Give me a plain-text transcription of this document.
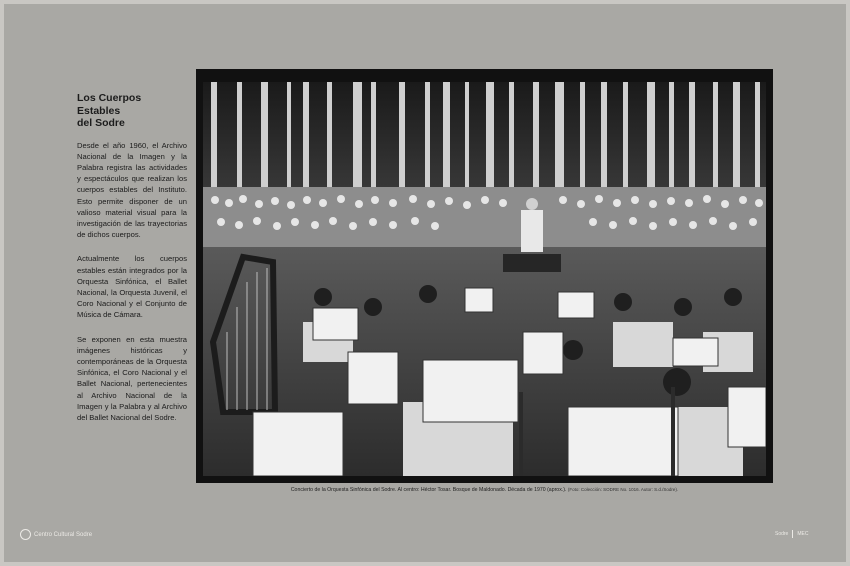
Los Cuerpos Estables
del Sodre

Desde el año 1960, el Archivo Nacional de la Imagen y la Palabra registra las actividades y espectáculos que realizan los cuerpos estables del Instituto. Esto permite disponer de un valioso material visual para la investigación de las trayectorias de dichos cuerpos.

Actualmente los cuerpos estables están integrados por la Orquesta Sinfónica, el Ballet Nacional, la Orquesta Juvenil, el Coro Nacional y el Conjunto de Música de Cámara.

Se exponen en esta muestra imágenes históricas y contemporáneas de la Orquesta Sinfónica, el Coro Nacional y el Ballet Nacional, pertenecientes al Archivo Nacional de la Imagen y la Palabra y al Archivo del Ballet Nacional del Sodre.

Concierto de la Orquesta Sinfónica del Sodre. Al centro: Héctor Tosar. Bosque de Maldonado. Década de 1970 (aprox.). (Foto: Colección: SODRE No. 1016. Autor: S.d./Sodre).
Centro Cultural Sodre	Sodre MEC
